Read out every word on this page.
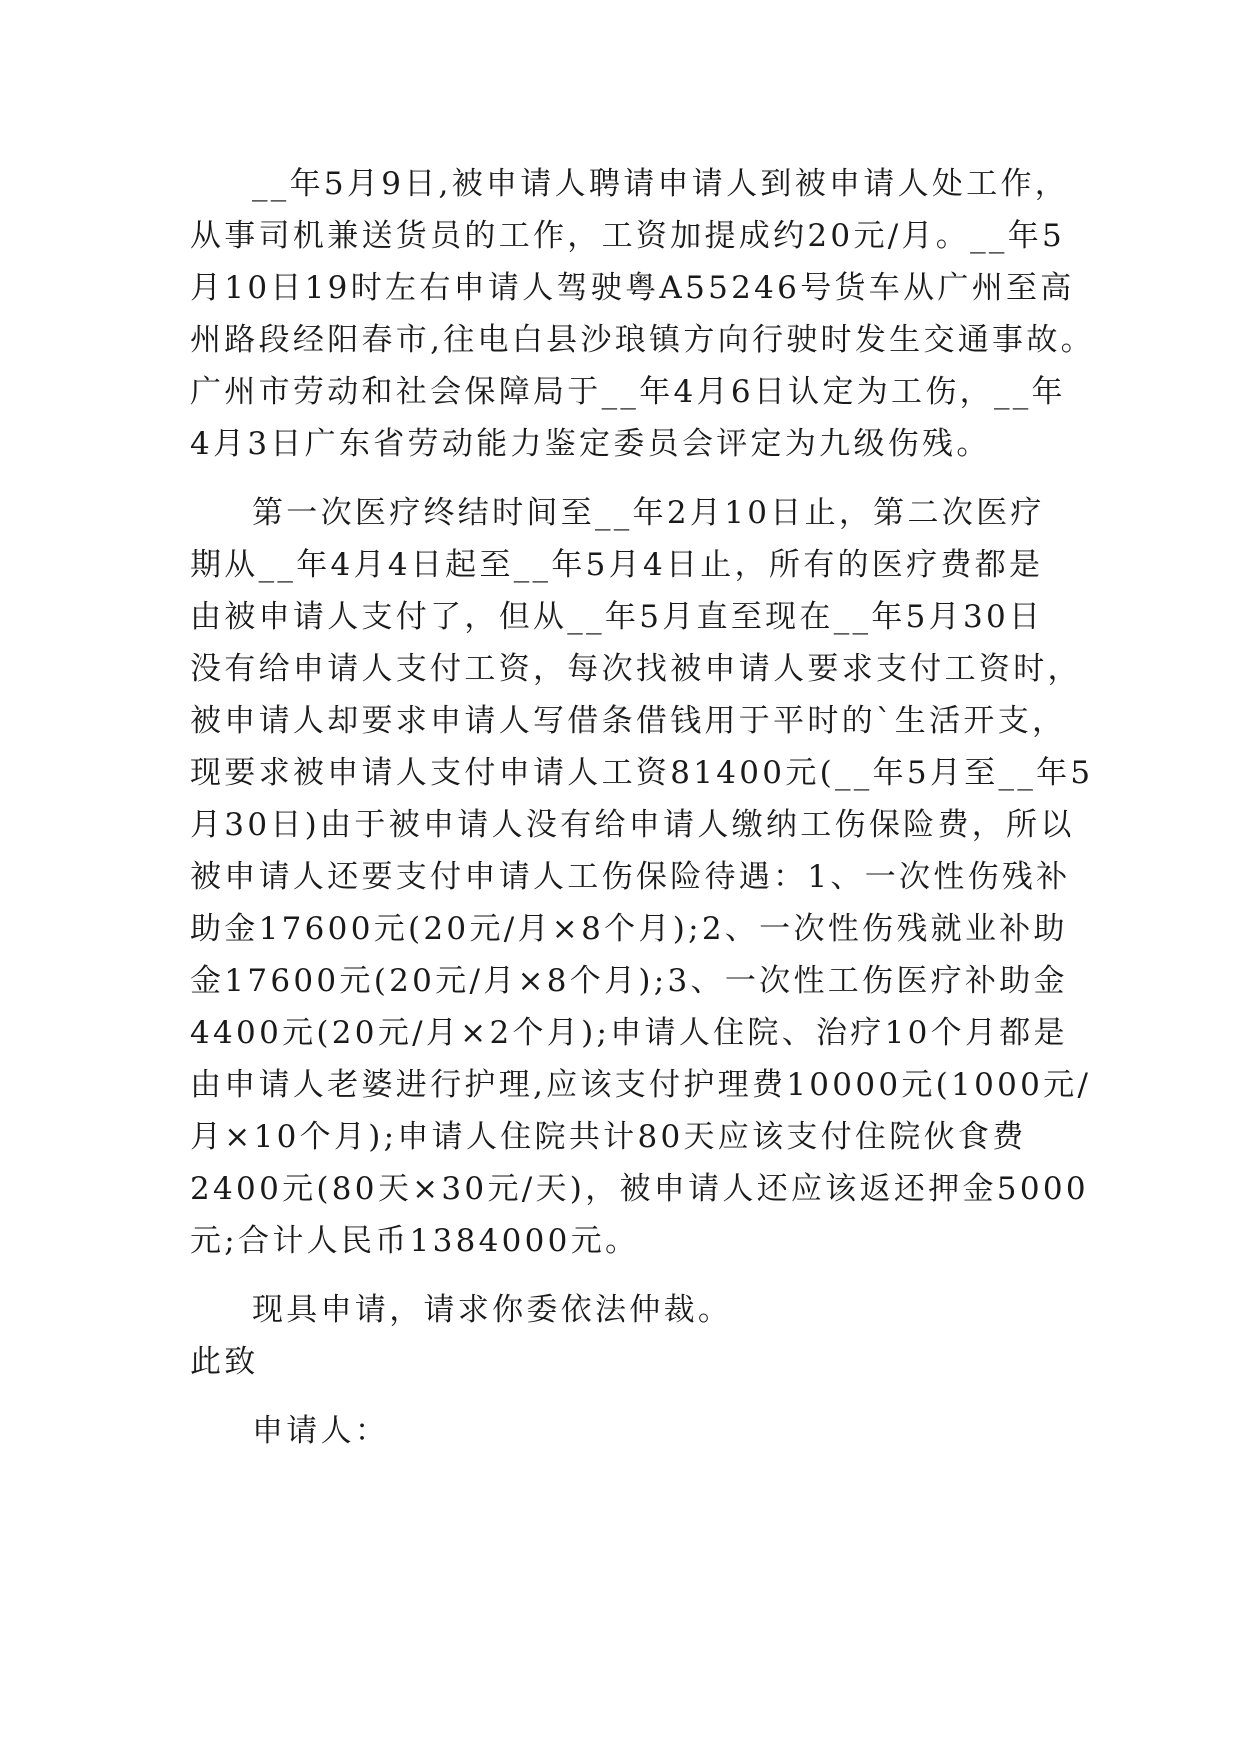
__年5月9日,被申请人聘请申请人到被申请人处工作，
从事司机兼送货员的工作，工资加提成约20元/月。__年5
月10日19时左右申请人驾驶粤A55246号货车从广州至高
州路段经阳春市,往电白县沙琅镇方向行驶时发生交通事故。
广州市劳动和社会保障局于__年4月6日认定为工伤，__年
4月3日广东省劳动能力鉴定委员会评定为九级伤残。
第一次医疗终结时间至__年2月10日止，第二次医疗
期从__年4月4日起至__年5月4日止，所有的医疗费都是
由被申请人支付了，但从__年5月直至现在__年5月30日
没有给申请人支付工资，每次找被申请人要求支付工资时，
被申请人却要求申请人写借条借钱用于平时的`生活开支，
现要求被申请人支付申请人工资81400元(__年5月至__年5
月30日)由于被申请人没有给申请人缴纳工伤保险费，所以
被申请人还要支付申请人工伤保险待遇：1、一次性伤残补
助金17600元(20元/月×8个月);2、一次性伤残就业补助
金17600元(20元/月×8个月);3、一次性工伤医疗补助金
4400元(20元/月×2个月);申请人住院、治疗10个月都是
由申请人老婆进行护理,应该支付护理费10000元(1000元/
月×10个月);申请人住院共计80天应该支付住院伙食费
2400元(80天×30元/天)，被申请人还应该返还押金5000
元;合计人民币1384000元。
现具申请，请求你委依法仲裁。
此致
申请人：
